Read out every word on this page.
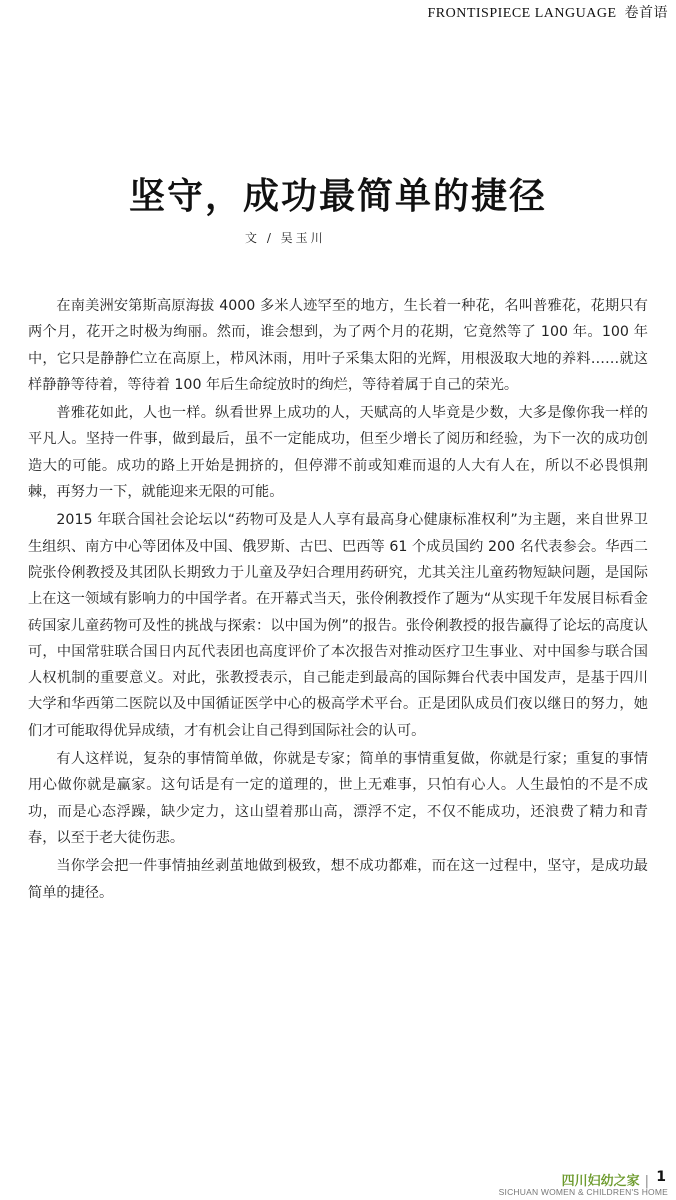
FRONTISPIECE LANGUAGE 卷首语
坚守，成功最简单的捷径
文 / 吴玉川

在南美洲安第斯高原海拔 4000 多米人迹罕至的地方，生长着一种花，名叫普雅花，花期只有两个月，花开之时极为绚丽。然而，谁会想到，为了两个月的花期，它竟然等了 100 年。100 年中，它只是静静伫立在高原上，栉风沐雨，用叶子采集太阳的光辉，用根汲取大地的养料……就这样静静等待着，等待着 100 年后生命绽放时的绚烂，等待着属于自己的荣光。

普雅花如此，人也一样。纵看世界上成功的人，天赋高的人毕竟是少数，大多是像你我一样的平凡人。坚持一件事，做到最后，虽不一定能成功，但至少增长了阅历和经验，为下一次的成功创造大的可能。成功的路上开始是拥挤的，但停滞不前或知难而退的人大有人在，所以不必畏惧荆棘，再努力一下，就能迎来无限的可能。

2015 年联合国社会论坛以“药物可及是人人享有最高身心健康标准权利”为主题，来自世界卫生组织、南方中心等团体及中国、俄罗斯、古巴、巴西等 61 个成员国约 200 名代表参会。华西二院张伶俐教授及其团队长期致力于儿童及孕妇合理用药研究，尤其关注儿童药物短缺问题，是国际上在这一领域有影响力的中国学者。在开幕式当天，张伶俐教授作了题为“从实现千年发展目标看金砖国家儿童药物可及性的挑战与探索：以中国为例”的报告。张伶俐教授的报告赢得了论坛的高度认可，中国常驻联合国日内瓦代表团也高度评价了本次报告对推动医疗卫生事业、对中国参与联合国人权机制的重要意义。对此，张教授表示，自己能走到最高的国际舞台代表中国发声，是基于四川大学和华西第二医院以及中国循证医学中心的极高学术平台。正是团队成员们夜以继日的努力，她们才可能取得优异成绩，才有机会让自己得到国际社会的认可。

有人这样说，复杂的事情简单做，你就是专家；简单的事情重复做，你就是行家；重复的事情用心做你就是赢家。这句话是有一定的道理的，世上无难事，只怕有心人。人生最怕的不是不成功，而是心态浮躁，缺少定力，这山望着那山高，漂浮不定，不仅不能成功，还浪费了精力和青春，以至于老大徒伤悲。

当你学会把一件事情抽丝剥茧地做到极致，想不成功都难，而在这一过程中，坚守，是成功最简单的捷径。

四川妇幼之家 | 1
SICHUAN WOMEN & CHILDREN'S HOME
